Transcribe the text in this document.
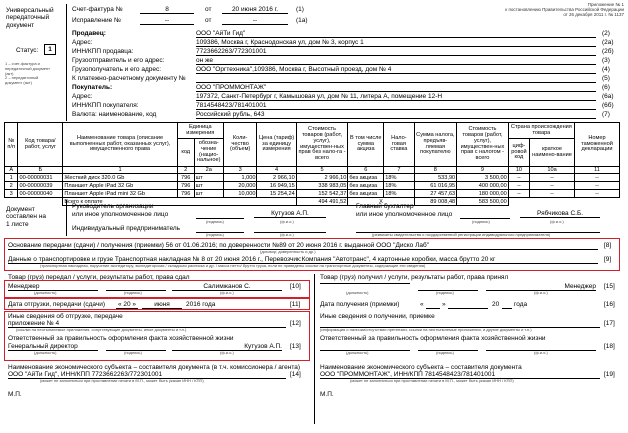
Приложение № 1
к постановлению Правительства Российской Федерации
от 26 декабря 2011 г. № 1137
Универсальный
передаточный
документ
Статус:	1
1 – счет-фактура и
передаточный документ
(акт)
2 – передаточный
документ (акт)
Счет-фактура №	8	от	20 июня 2016 г.	(1)
Исправление №	--	от	--	(1а)
Продавец:	ООО "АйТи Гид"	(2)
Адрес:	109386, Москва г, Краснодонская ул, дом № 3, корпус 1	(2а)
ИНН/КПП продавца:	7723662263/772301001	(2б)
Грузоотправитель и его адрес:	он же	(3)
Грузополучатель и его адрес:	ООО "Оргтехника",109386, Москва г, Высотный проезд, дом № 4	(4)
К платежно-расчетному документу №	(5)
Покупатель:	ООО "ПРОММОНТАЖ"	(6)
Адрес:	197372, Санкт-Петербург г, Камышовая ул, дом № 11, литера А, помещение 12-Н	(6а)
ИНН/КПП покупателя:	7814548423/781401001	(6б)
Валюта: наименование, код	Российский рубль, 643	(7)
№ п/п	Код товара/ работ, услуг	Наименование товара (описание выполненных работ, оказанных услуг), имущественного права	Единица измерения		Коли-чество (объем)	Цена (тариф) за единицу измерения	Стоимость товаров (работ, услуг), имуществен-ных прав без нало-га - всего	В том числе сумма акциза	Нало-говая ставка	Сумма налога, предъяв-ляемая покупателю	Стоимость товаров (работ, услуг), имуществен-ных прав с налогом - всего	Страна происхождения товара		Номер таможенной декларации
			код	обозна-чение (нацио-нальное)								циф-ровой код	краткое наимено-вание	
А	Б	1	2	2а	3	4	5	6	7	8	9	10	10а	11
1	00-00000031	Жесткий диск 320.0 Gb	796	шт	1,000	2 966,10	2 966,10	без акциза	18%	533,90	3 500,00	--	--	--
2	00-00000039	Планшет Apple iPad 32 Gb	796	шт	20,000	16 949,15	338 983,05	без акциза	18%	61 016,95	400 000,00	--	--	--
3	00-00000040	Планшет Apple iPad mini 32 Gb	796	шт	10,000	15 254,24	152 542,37	без акциза	18%	27 457,63	180 000,00	--	--	--
		Всего к оплате					494 491,52	X		89 008,48	583 500,00			
Документ
составлен на
1 листе
Руководитель организации
или иное уполномоченное лицо	Кутузов А.П.
(подпись)	(ф.и.о.)
Главный бухгалтер
или иное уполномоченное лицо	Рябчикова С.Б.
(подпись)	(ф.и.о.)
Индивидуальный предприниматель
(подпись)	(ф.и.о.)	(реквизиты свидетельства о государственной регистрации индивидуального предпринимателя)
Основание передачи (сдачи) / получения (приемки) 56 от 01.06.2016; по доверенности №89 от 20 июня 2016 г. выданной ООО "Диско Лаб"	[8]
(договор; доверенность и др.)
Данные о транспортировке и грузе Транспортная накладная № 8 от 20 июня 2016 г., Перевозчик:Компания "Автотранс", 4 картонные коробки, масса брутто 20 кг	[9]
(транспортная накладная, поручение экспедитору, экспедиторская / складская расписка и др. / масса нетто/ брутто груза, если не приведены ссылки на транспортные документы, содержащие эти сведения)
Товар (груз) передал / услуги, результаты работ, права сдал
Менеджер	Салимжанов С.	[10]
(должность)	(подпись)	(ф.и.о.)
Дата отгрузки, передачи (сдачи)	« 20 »	июня	2016 года	[11]
Иные сведения об отгрузке, передаче
приложение № 4	[12]
(ссылки на неотъемлемые приложения, сопутствующие документы, иные документы и т.п.)
Ответственный за правильность оформления факта хозяйственной жизни
Генеральный директор	Кутузов А.П. [13]
(должность)	(подпись)	(ф.и.о.)
Наименование экономического субъекта – составителя документа (в т.ч. комиссионера / агента)
ООО "АйТи Гид", ИНН/КПП 7723662263/772301001	[14]
(может не заполняться при проставлении печати в М.П., может быть указан ИНН / КПП)
М.П.
Товар (груз) получил / услуги, результаты работ, права принял
Менеджер [15]
(должность)	(подпись)	(ф.и.о.)
Дата получения (приемки)	«	»	20 года	[16]
Иные сведения о получении, приемке
[17]
(информация о наличии/отсутствии претензии; ссылки на неотъемлемые приложения, и другие документы и т.п.)
Ответственный за правильность оформления факта хозяйственной жизни
[18]
(должность)	(подпись)	(ф.и.о.)
Наименование экономического субъекта – составителя документа
ООО "ПРОММОНТАЖ", ИНН/КПП 7814548423/781401001	[19]
(может не заполняться при проставлении печати в М.П., может быть указан ИНН / КПП)
М.П.
